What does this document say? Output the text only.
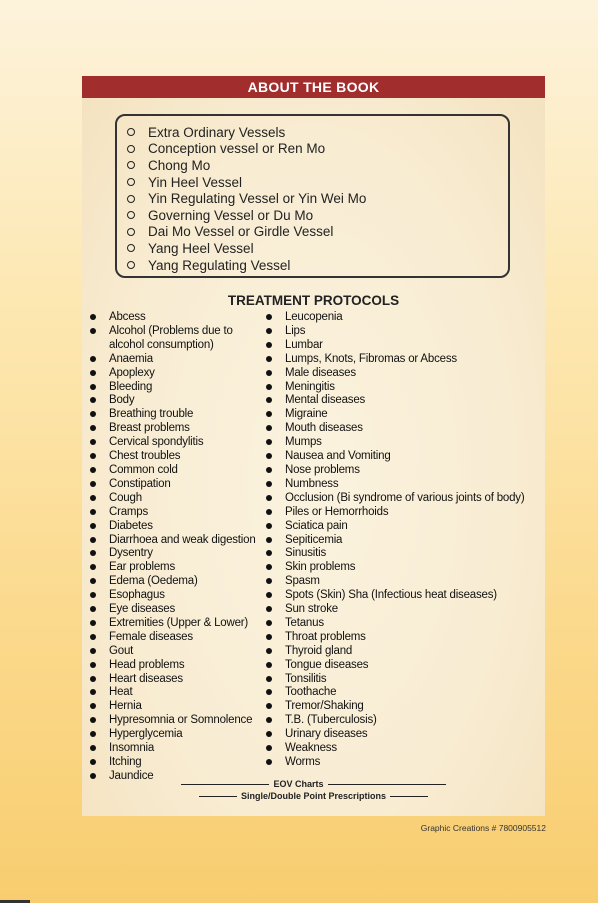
ABOUT THE BOOK
Extra Ordinary Vessels
Conception vessel or Ren Mo
Chong Mo
Yin Heel Vessel
Yin Regulating Vessel or Yin Wei Mo
Governing Vessel or Du Mo
Dai Mo Vessel or Girdle Vessel
Yang Heel Vessel
Yang Regulating Vessel
TREATMENT PROTOCOLS
Abcess
Alcohol (Problems due to alcohol consumption)
Anaemia
Apoplexy
Bleeding
Body
Breathing trouble
Breast problems
Cervical spondylitis
Chest troubles
Common cold
Constipation
Cough
Cramps
Diabetes
Diarrhoea and weak digestion
Dysentry
Ear problems
Edema (Oedema)
Esophagus
Eye diseases
Extremities (Upper & Lower)
Female diseases
Gout
Head problems
Heart diseases
Heat
Hernia
Hypresomnia or Somnolence
Hyperglycemia
Insomnia
Itching
Jaundice
Leucopenia
Lips
Lumbar
Lumps, Knots, Fibromas or Abcess
Male diseases
Meningitis
Mental diseases
Migraine
Mouth diseases
Mumps
Nausea and Vomiting
Nose problems
Numbness
Occlusion (Bi syndrome of various joints of body)
Piles or Hemorrhoids
Sciatica pain
Sepiticemia
Sinusitis
Skin problems
Spasm
Spots (Skin) Sha (Infectious heat diseases)
Sun stroke
Tetanus
Throat problems
Thyroid gland
Tongue diseases
Tonsilitis
Toothache
Tremor/Shaking
T.B. (Tuberculosis)
Urinary diseases
Weakness
Worms
EOV Charts
Single/Double Point Prescriptions
Graphic Creations # 7800905512
